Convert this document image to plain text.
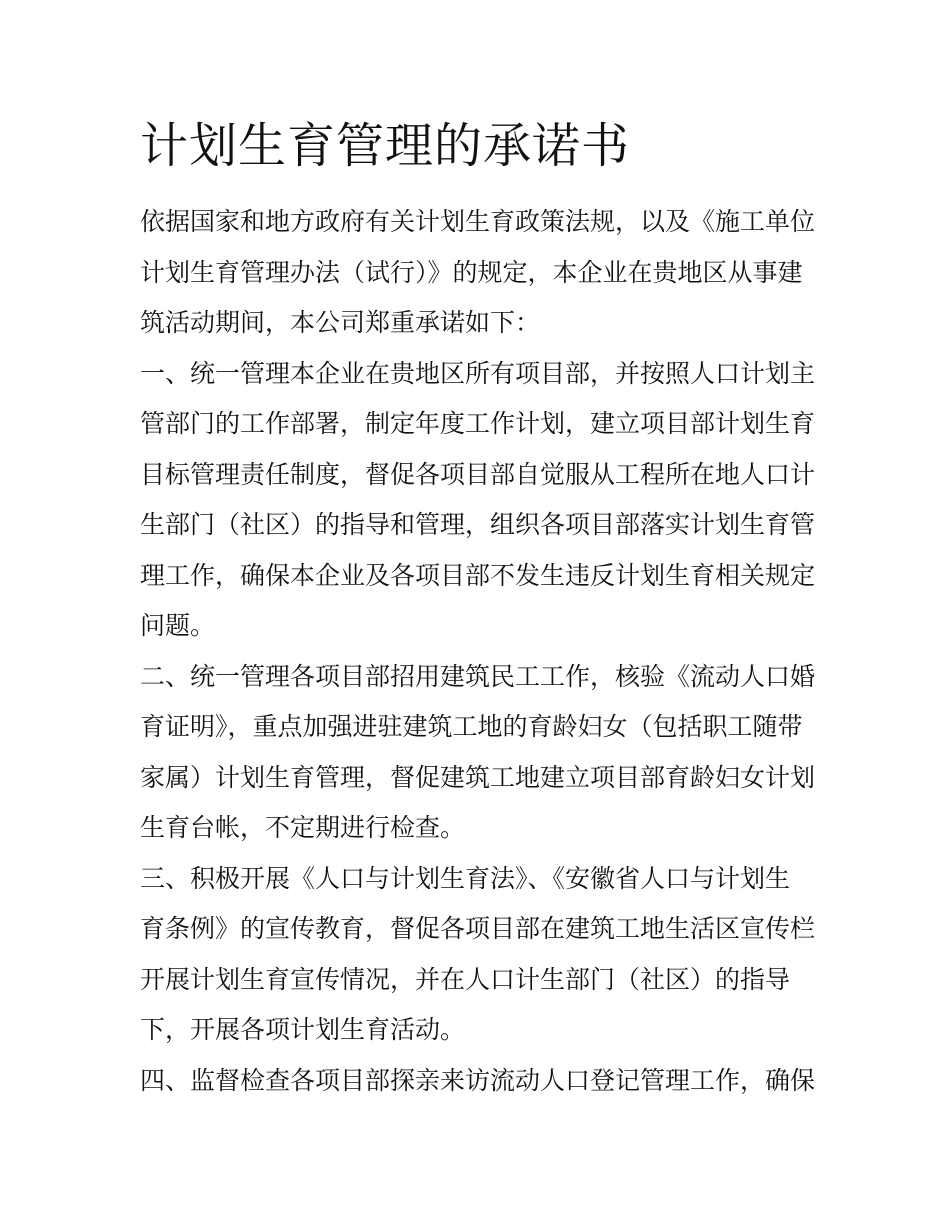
计划生育管理的承诺书

依据国家和地方政府有关计划生育政策法规，以及《施工单位

计划生育管理办法（试行）》的规定，本企业在贵地区从事建

筑活动期间，本公司郑重承诺如下：

一、统一管理本企业在贵地区所有项目部，并按照人口计划主

管部门的工作部署，制定年度工作计划，建立项目部计划生育

目标管理责任制度，督促各项目部自觉服从工程所在地人口计

生部门（社区）的指导和管理，组织各项目部落实计划生育管

理工作，确保本企业及各项目部不发生违反计划生育相关规定

问题。

二、统一管理各项目部招用建筑民工工作，核验《流动人口婚

育证明》，重点加强进驻建筑工地的育龄妇女（包括职工随带

家属）计划生育管理，督促建筑工地建立项目部育龄妇女计划

生育台帐，不定期进行检查。

三、积极开展《人口与计划生育法》、《安徽省人口与计划生

育条例》的宣传教育，督促各项目部在建筑工地生活区宣传栏

开展计划生育宣传情况，并在人口计生部门（社区）的指导

下，开展各项计划生育活动。

四、监督检查各项目部探亲来访流动人口登记管理工作，确保
